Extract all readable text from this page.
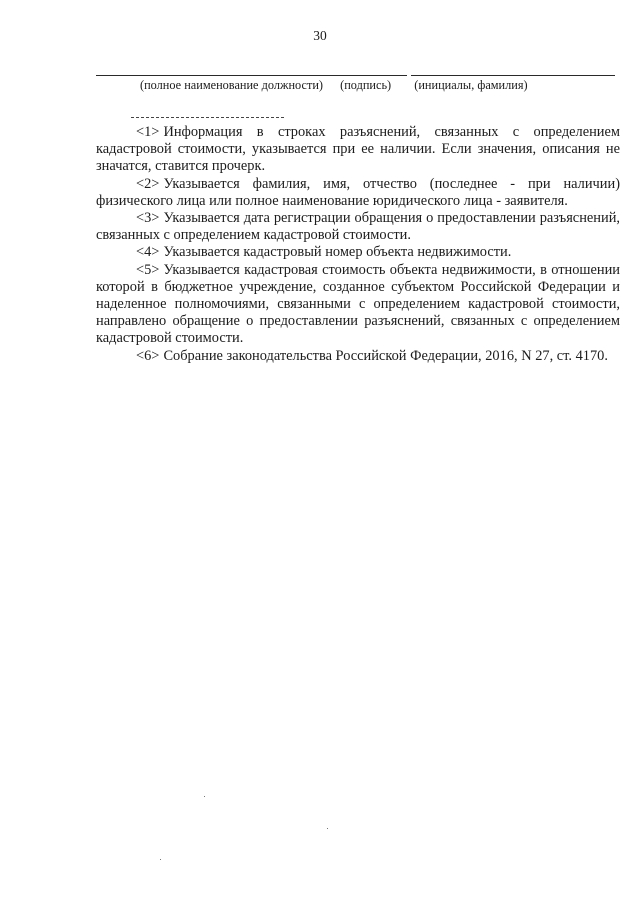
30
(полное наименование должности) (подпись) (инициалы, фамилия)

<1> Информация в строках разъяснений, связанных с определением кадастровой стоимости, указывается при ее наличии. Если значения, описания не значатся, ставится прочерк.

<2> Указывается фамилия, имя, отчество (последнее - при наличии) физического лица или полное наименование юридического лица - заявителя.

<3> Указывается дата регистрации обращения о предоставлении разъяснений, связанных с определением кадастровой стоимости.

<4> Указывается кадастровый номер объекта недвижимости.

<5> Указывается кадастровая стоимость объекта недвижимости, в отношении которой в бюджетное учреждение, созданное субъектом Российской Федерации и наделенное полномочиями, связанными с определением кадастровой стоимости, направлено обращение о предоставлении разъяснений, связанных с определением кадастровой стоимости.

<6> Собрание законодательства Российской Федерации, 2016, N 27, ст. 4170.
